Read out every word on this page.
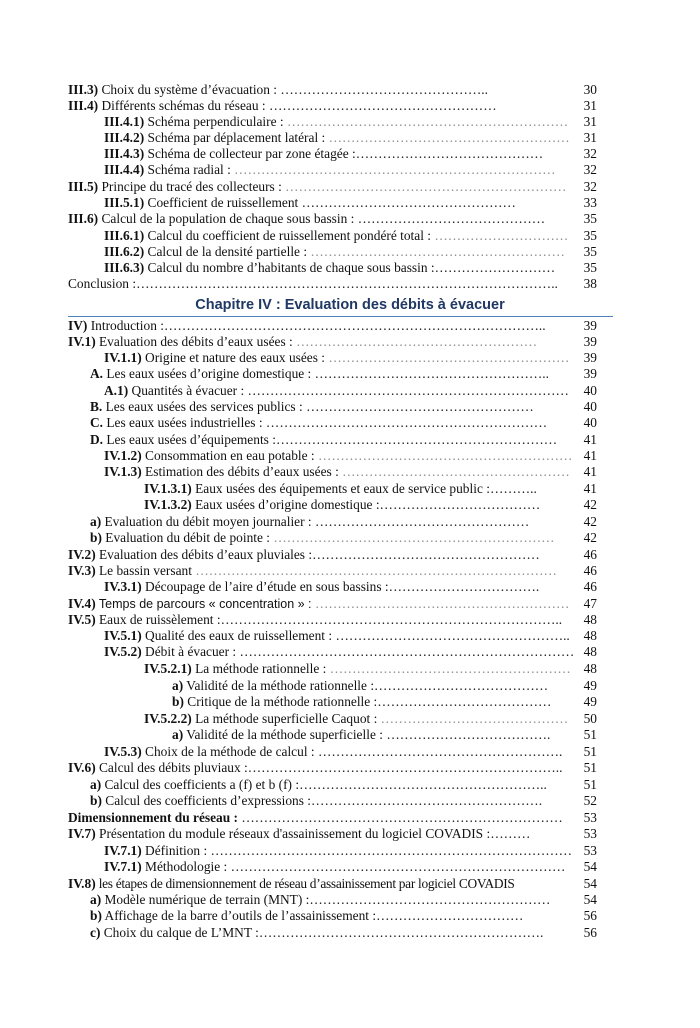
III.3) Choix du système d’évacuation : ………………………………………..	30
III.4) Différents schémas du réseau : ……………………………………………	31
III.4.1) Schéma perpendiculaire : ………………………………………………………	31
III.4.2) Schéma par déplacement latéral : ………………………………………………	31
III.4.3) Schéma de collecteur par zone étagée :……………………………………	32
III.4.4) Schéma radial : ………………………………………………………………	32
III.5) Principe du tracé des collecteurs : ………………………………………………………	32
III.5.1) Coefficient de ruissellement …………………………………………	33
III.6) Calcul de la population de chaque sous bassin : ……………………………………	35
III.6.1) Calcul du coefficient de ruissellement pondéré total : …………………………	35
III.6.2) Calcul de la densité partielle : …………………………………………………	35
III.6.3) Calcul du nombre d’habitants de chaque sous bassin :………………………	35
Conclusion :…………………………………………………………………………………..	38
Chapitre IV : Evaluation des débits à évacuer
IV) Introduction :…………………………………………………………………………..	39
IV.1) Evaluation des débits d’eaux usées : ………………………………………………	39
IV.1.1) Origine et nature des eaux usées : ………………………………………………	39
A. Les eaux usées d’origine domestique : ……………………………………………..	39
A.1) Quantités à évacuer : ………………………………………………………………	40
B. Les eaux usées des services publics : ……………………………………………	40
C. Les eaux usées industrielles : ………………………………………………………	40
D. Les eaux usées d’équipements :………………………………………………………	41
IV.1.2) Consommation en eau potable : ………………………………………………… 41
IV.1.3) Estimation des débits d’eaux usées : ……………………………………………	41
IV.1.3.1) Eaux usées des équipements et eaux de service public :………..	41
IV.1.3.2) Eaux usées d’origine domestique :………………………………	42
a) Evaluation du débit moyen journalier : …………………………………………	42
b) Evaluation du débit de pointe : ………………………………………………………	42
IV.2) Evaluation des débits d’eaux pluviales :……………………………………………	46
IV.3) Le bassin versant ………………………………………………………………………	46
IV.3.1) Découpage de l’aire d’étude en sous bassins :…………………………….	46
IV.4) Temps de parcours « concentration » : …………………………………………………	47
IV.5) Eaux de ruissèlement :…………………………………………………………………..	48
IV.5.1) Qualité des eaux de ruissellement : ……………………………………………..	48
IV.5.2) Débit à évacuer : ………………………………………………………………… 48
IV.5.2.1) La méthode rationnelle : ……………………………………………… 48
a) Validité de la méthode rationnelle :…………………………………	49
b) Critique de la méthode rationnelle :…………………………………	49
IV.5.2.2) La méthode superficielle Caquot : ……………………………………	50
a) Validité de la méthode superficielle : ……………………………….	51
IV.5.3) Choix de la méthode de calcul : ……………………………………………….	51
IV.6) Calcul des débits pluviaux :……………………………………………………………..	51
a) Calcul des coefficients a (f) et b (f) :………………………………………………..	51
b) Calcul des coefficients d’expressions :…………………………………………….	52
Dimensionnement du réseau : ………………………………………………………………	53
IV.7) Présentation du module réseaux d'assainissement du logiciel COVADIS :………	53
IV.7.1) Définition : ……………………………………………………………………… 53
IV.7.1) Méthodologie : …………………………………………………………………	54
IV.8) les étapes de dimensionnement de réseau d’assainissement par logiciel COVADIS	54
a) Modèle numérique de terrain (MNT) :………………………………………………	54
b) Affichage de la barre d’outils de l’assainissement :……………………………	56
c) Choix du calque de L’MNT :……………………………………………………….	56
